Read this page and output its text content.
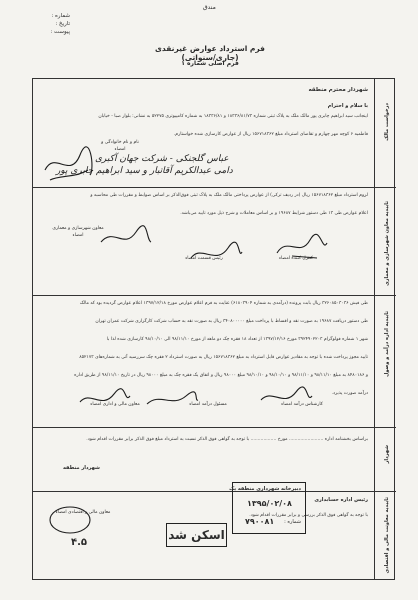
مندق
شماره :
تاریخ :
پیوست :
فرم استرداد عوارض غیرنقدی (جاری/سنواتی)
فرم اصلی شماره ۱
درخواست مالک
تاییدیه معاون شهرسازی و معماری
تاییدیه اداره درآمد و وصول
شهردار
تاییدیه معاونت مالی و اقتصادی
شهردار محترم منطقه
با سلام و احترام
اینجانب سید ابراهیم چابری پور مالک ملک به پلاک ثبتی شماره ۱۸۳۳۶/۸۱/۷۳ و ۱۸۳۳۶/۸۱ به شماره کامپیوتری ۵۲۲۷۵ به نشانی: بلوار صبا - خیابان
فاطمیه ۶ کوچه مهر چهارم و تقاضای استرداد مبلغ ۱۵۶۷۱۸۳۶۲ ریال از عوارض کارسازی شده خواستارم.
نام و نام خانوادگی و امضاء
لزوم استرداد مبلغ ۱۵۶۷۱۸۳۶۲ ریال (در ردیف ترکی) از عوارض پرداختی مالک ملک به پلاک ثبتی فوق‌الذکر بر اساس ضوابط و مقررات طی محاسبه و
اعلام عوارض طی ۱۳ طی دستور شرایط ۱۹۶۸۷ و بر اساس معاملات و شرح ذیل مورد تایید می‌باشد.
معاون شهرسازی و معماری امضاء
رئیس قسمت امضاء	کنترل کننده امضاء
طی فیش ۳۲۶۰۸۵۰۳۰۳۶ ریال بابت پرونده (درآمدی به شماره ۶۱۸۰۳۹۰۴) عنایت به فرم اعلام عوارض مورخ ۱۳۹۷/۱۲/۱۸ اعلام عوارض گردیده بود که مالک
طی دستور دریافت ۱۹۶۸۷ به صورت نقد و اقساط با پرداخت مبلغ ۳۴۰۸۰۰۰۰۰ ریال به صورت نقد به حساب شرکت کارگزاری شرکت عمران تهران
شهر ۱ شماره فولوگرام ۳۹۲۴۹۰۲۲۰۳ مورخ ۱۳۹۷/۱۲/۱۶ از تعداد ۱۸ فقره چک دو ماهه از مورخ ۹۸/۱۱/۱۰ الی ۹۸/۱۰/۱۰ کارسازی شده لذا با
تایید مجوز پرداخت شده با توجه به مقادیر عوارض قابل استرداد به مبلغ ۱۵۶۷۱۸۳۶۲ ریال به صورت استرداد ۲ فقره چک سررسید آتی به شماره‌های ۸۵۲۱۷۳
و ۸۴۸۰۱۸۶ به مبلغ ۹۸/۱۱/۱۰ و ۹۸/۱۱/۱۰ و ۹۸/۱۰/۱۰ و ۹۸/۱۰/۱۰ مبلغ ۹۸۰۰۰ ریال و اتفاق یک فقره چک به مبلغ ۹۸۰۰۰ ریال در تاریخ ۹۸/۱۱/۱۰ از طریق اداره
درآمد صورت پذیرد.
معاون مالی و اداری امضاء	مسئول درآمد امضاء	کارشناس درآمد امضاء
براساس بخشنامه اداره ........................ مورخ .................. با توجه به گواهی فوق الذکر نسبت به استرداد مبلغ فوق الذکر برابر مقررات اقدام شود.
شهردار منطقه
رئیس اداره حسابداری
با توجه به گواهی فوق الذکر بررسی و برابر مقررات اقدام شود.
معاون مالی و اقتصادی امضاء
۴.۵
عباس گلجنکی - شرکت جهان آکبری
دامی عبدالکریم آقاتبار و سید ابراهیم جابری پور
دبیرخانه شهرداری منطقه یک
۱۳۹۵/۰۲/۰۸
شماره :
۷۹۰۰۸۱
اسکن شد
